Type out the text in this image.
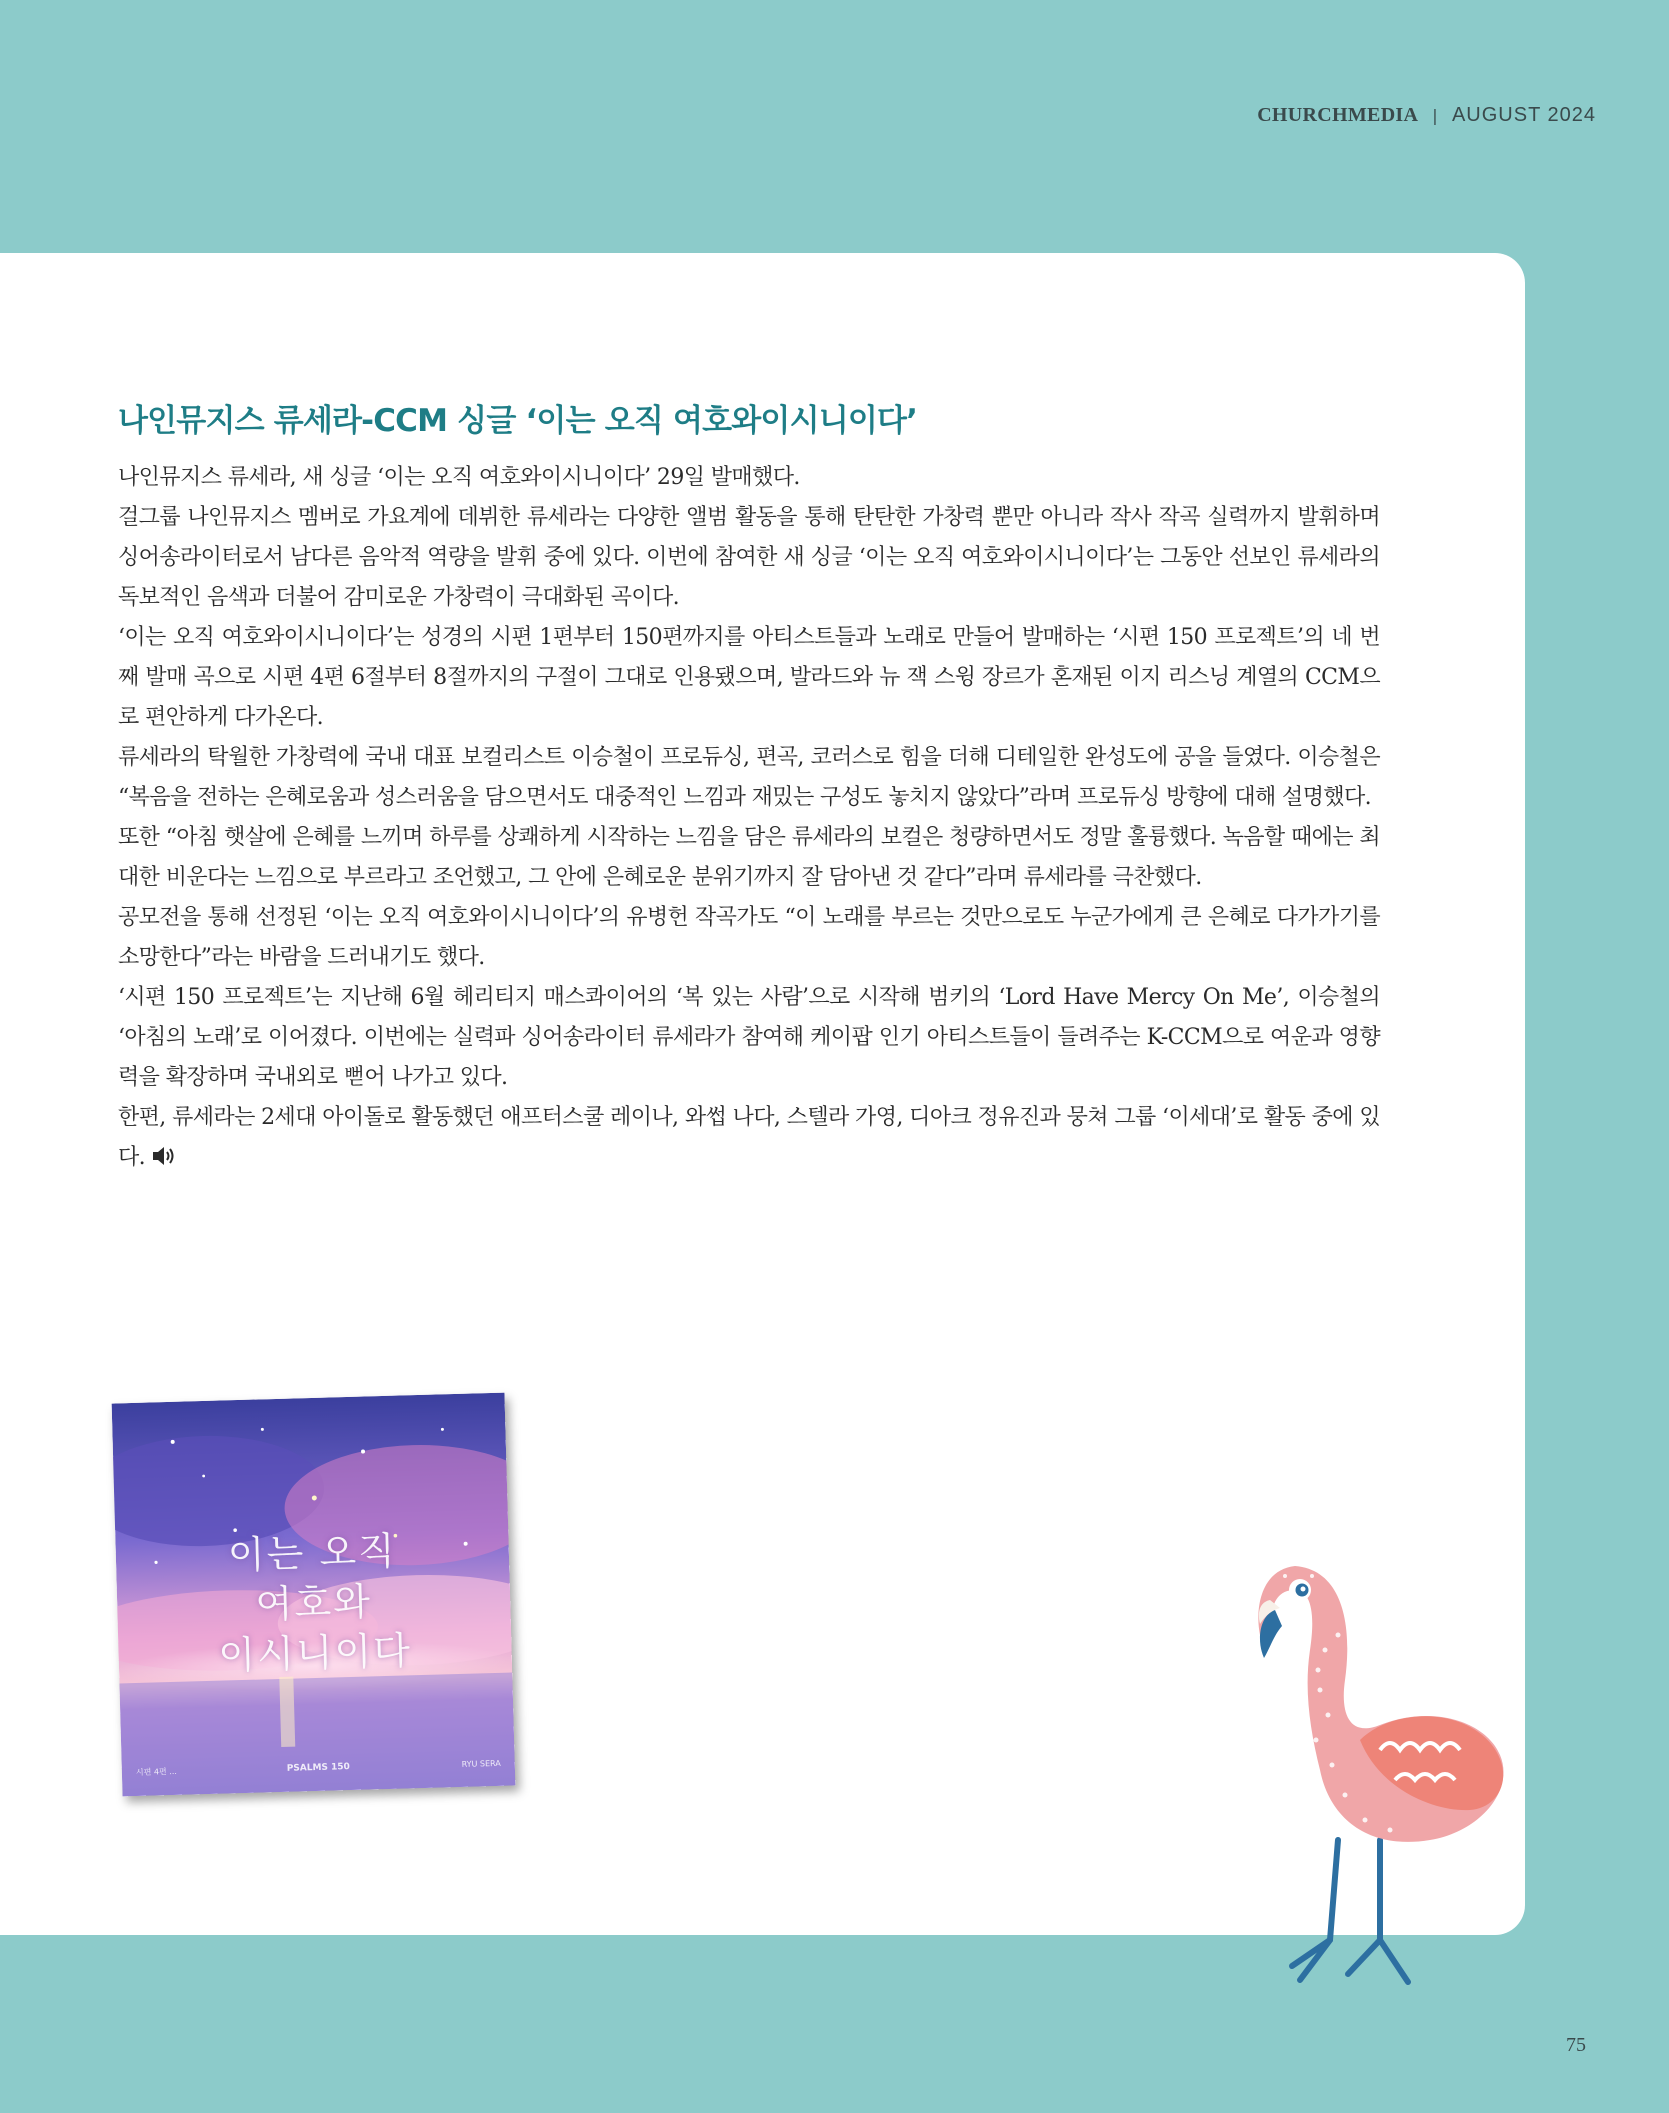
CHURCHMEDIA | AUGUST 2024
나인뮤지스 류세라-CCM 싱글 ‘이는 오직 여호와이시니이다’

나인뮤지스 류세라, 새 싱글 ‘이는 오직 여호와이시니이다’ 29일 발매했다.

걸그룹 나인뮤지스 멤버로 가요계에 데뷔한 류세라는 다양한 앨범 활동을 통해 탄탄한 가창력 뿐만 아니라 작사 작곡 실력까지 발휘하며 싱어송라이터로서 남다른 음악적 역량을 발휘 중에 있다. 이번에 참여한 새 싱글 ‘이는 오직 여호와이시니이다’는 그동안 선보인 류세라의 독보적인 음색과 더불어 감미로운 가창력이 극대화된 곡이다.

‘이는 오직 여호와이시니이다’는 성경의 시편 1편부터 150편까지를 아티스트들과 노래로 만들어 발매하는 ‘시편 150 프로젝트’의 네 번째 발매 곡으로 시편 4편 6절부터 8절까지의 구절이 그대로 인용됐으며, 발라드와 뉴 잭 스윙 장르가 혼재된 이지 리스닝 계열의 CCM으로 편안하게 다가온다.

류세라의 탁월한 가창력에 국내 대표 보컬리스트 이승철이 프로듀싱, 편곡, 코러스로 힘을 더해 디테일한 완성도에 공을 들였다. 이승철은 “복음을 전하는 은혜로움과 성스러움을 담으면서도 대중적인 느낌과 재밌는 구성도 놓치지 않았다”라며 프로듀싱 방향에 대해 설명했다.

또한 “아침 햇살에 은혜를 느끼며 하루를 상쾌하게 시작하는 느낌을 담은 류세라의 보컬은 청량하면서도 정말 훌륭했다. 녹음할 때에는 최대한 비운다는 느낌으로 부르라고 조언했고, 그 안에 은혜로운 분위기까지 잘 담아낸 것 같다”라며 류세라를 극찬했다.

공모전을 통해 선정된 ‘이는 오직 여호와이시니이다’의 유병헌 작곡가도 “이 노래를 부르는 것만으로도 누군가에게 큰 은혜로 다가가기를 소망한다”라는 바람을 드러내기도 했다.

‘시편 150 프로젝트’는 지난해 6월 헤리티지 매스콰이어의 ‘복 있는 사람’으로 시작해 범키의 ‘Lord Have Mercy On Me’, 이승철의 ‘아침의 노래’로 이어졌다. 이번에는 실력파 싱어송라이터 류세라가 참여해 케이팝 인기 아티스트들이 들려주는 K-CCM으로 여운과 영향력을 확장하며 국내외로 뻗어 나가고 있다.

한편, 류세라는 2세대 아이돌로 활동했던 애프터스쿨 레이나, 와썹 나다, 스텔라 가영, 디아크 정유진과 뭉쳐 그룹 ‘이세대’로 활동 중에 있다.

이는 오직
여호와
이시니이다
시편 4편 ...	PSALMS 150	RYU SERA
75
